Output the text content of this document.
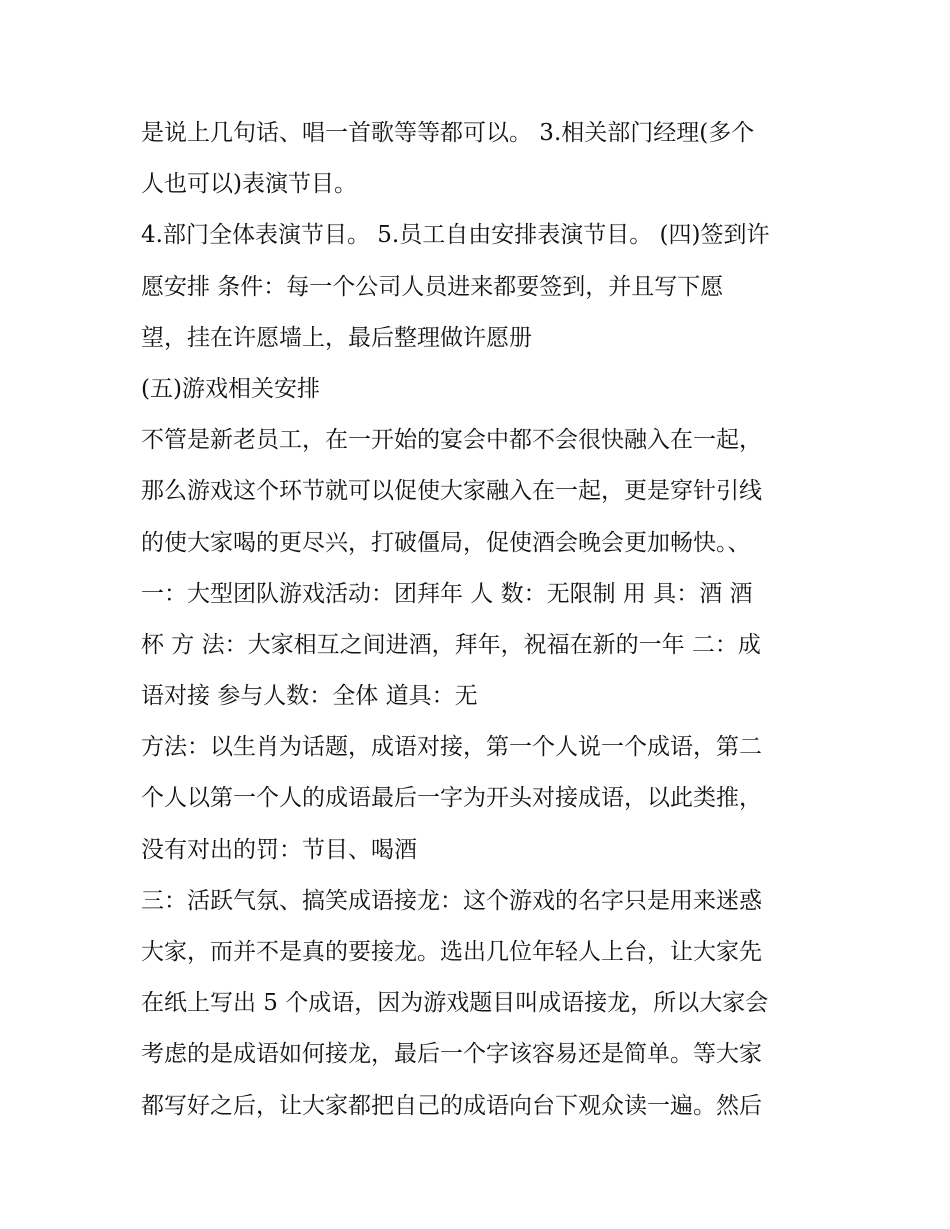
是说上几句话、唱一首歌等等都可以。 3.相关部门经理(多个

人也可以)表演节目。

4.部门全体表演节目。 5.员工自由安排表演节目。 (四)签到许

愿安排 条件：每一个公司人员进来都要签到，并且写下愿

望，挂在许愿墙上，最后整理做许愿册

(五)游戏相关安排

不管是新老员工，在一开始的宴会中都不会很快融入在一起，

那么游戏这个环节就可以促使大家融入在一起，更是穿针引线

的使大家喝的更尽兴，打破僵局，促使酒会晚会更加畅快。、

一：大型团队游戏活动：团拜年 人 数：无限制 用 具：酒 酒

杯 方 法：大家相互之间进酒，拜年，祝福在新的一年 二：成

语对接 参与人数：全体 道具：无

方法：以生肖为话题，成语对接，第一个人说一个成语，第二

个人以第一个人的成语最后一字为开头对接成语，以此类推，

没有对出的罚：节目、喝酒

三：活跃气氛、搞笑成语接龙：这个游戏的名字只是用来迷惑

大家，而并不是真的要接龙。选出几位年轻人上台，让大家先

在纸上写出 5 个成语，因为游戏题目叫成语接龙，所以大家会

考虑的是成语如何接龙，最后一个字该容易还是简单。等大家

都写好之后，让大家都把自己的成语向台下观众读一遍。然后
